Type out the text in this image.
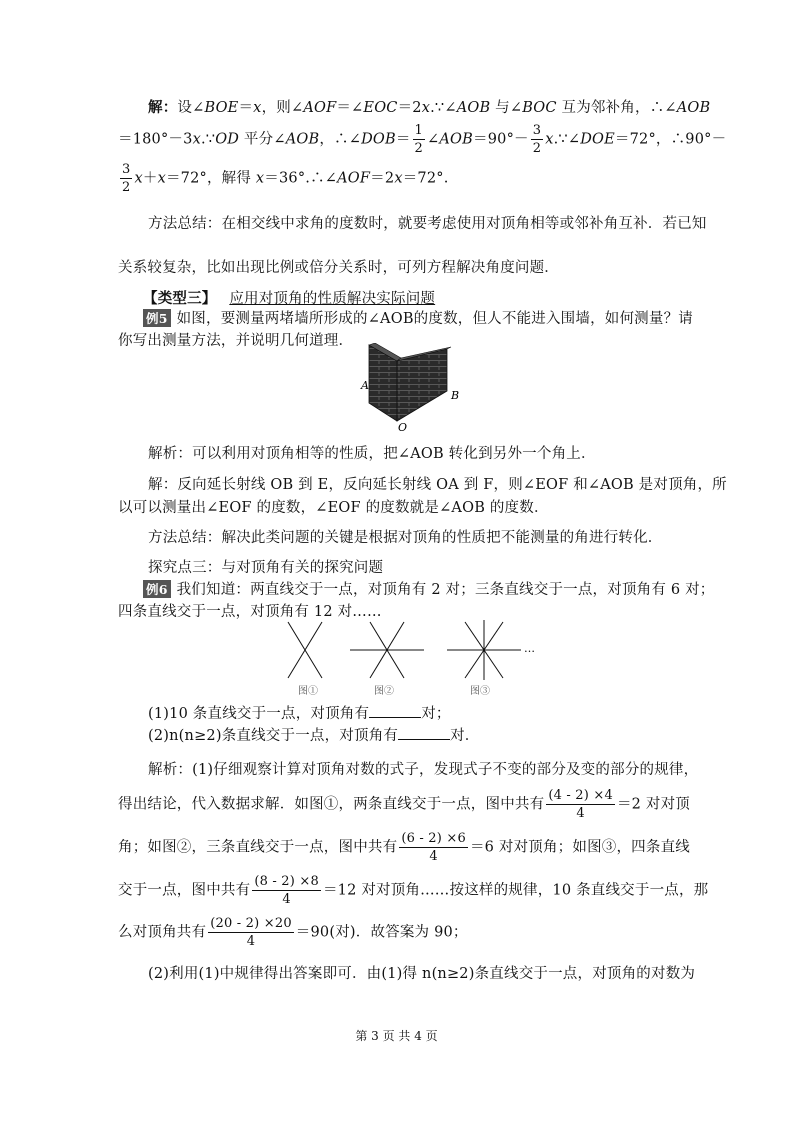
解：设∠BOE＝x，则∠AOF＝∠EOC＝2x.∵∠AOB 与∠BOC 互为邻补角，∴∠AOB
＝180°－3x.∵OD 平分∠AOB，∴∠DOB＝ $\frac{1}{2}$ ∠AOB＝90°－ $\frac{3}{2}$ x.∵∠DOE＝72°，∴90°－
$\frac{3}{2} x+x=72^\circ$，解得 x＝36°.∴∠AOF＝2x＝72°.
方法总结：在相交线中求角的度数时，就要考虑使用对顶角相等或邻补角互补．若已知
关系较复杂，比如出现比例或倍分关系时，可列方程解决角度问题．
【类型三】 应用对顶角的性质解决实际问题
例5 如图，要测量两堵墙所形成的∠AOB的度数，但人不能进入围墙，如何测量？请
你写出测量方法，并说明几何道理．
A
B
O
解析：可以利用对顶角相等的性质，把∠AOB 转化到另外一个角上．
解：反向延长射线 OB 到 E，反向延长射线 OA 到 F，则∠EOF 和∠AOB 是对顶角，所
以可以测量出∠EOF 的度数，∠EOF 的度数就是∠AOB 的度数．
方法总结：解决此类问题的关键是根据对顶角的性质把不能测量的角进行转化．
探究点三：与对顶角有关的探究问题
例6 我们知道：两直线交于一点，对顶角有 2 对；三条直线交于一点，对顶角有 6 对；
四条直线交于一点，对顶角有 12 对……
…
图①	图②	图③
(1)10 条直线交于一点，对顶角有	对；
(2)n(n≥2)条直线交于一点，对顶角有	对．
解析：(1)仔细观察计算对顶角对数的式子，发现式子不变的部分及变的部分的规律，
得出结论，代入数据求解．如图①，两条直线交于一点，图中共有 $\frac{(4 - 2) \times 4}{4} =2$ 对对顶
角；如图②，三条直线交于一点，图中共有 $\frac{(6 - 2) \times 6}{4} =6$ 对对顶角；如图③，四条直线
交于一点，图中共有 $\frac{(8 - 2) \times 8}{4} =12$ 对对顶角……按这样的规律，10 条直线交于一点，那
么对顶角共有 $\frac{(20 - 2) \times 20}{4} =90$(对)．故答案为 90；
(2)利用(1)中规律得出答案即可．由(1)得 n(n≥2)条直线交于一点，对顶角的对数为
第 3 页 共 4 页
